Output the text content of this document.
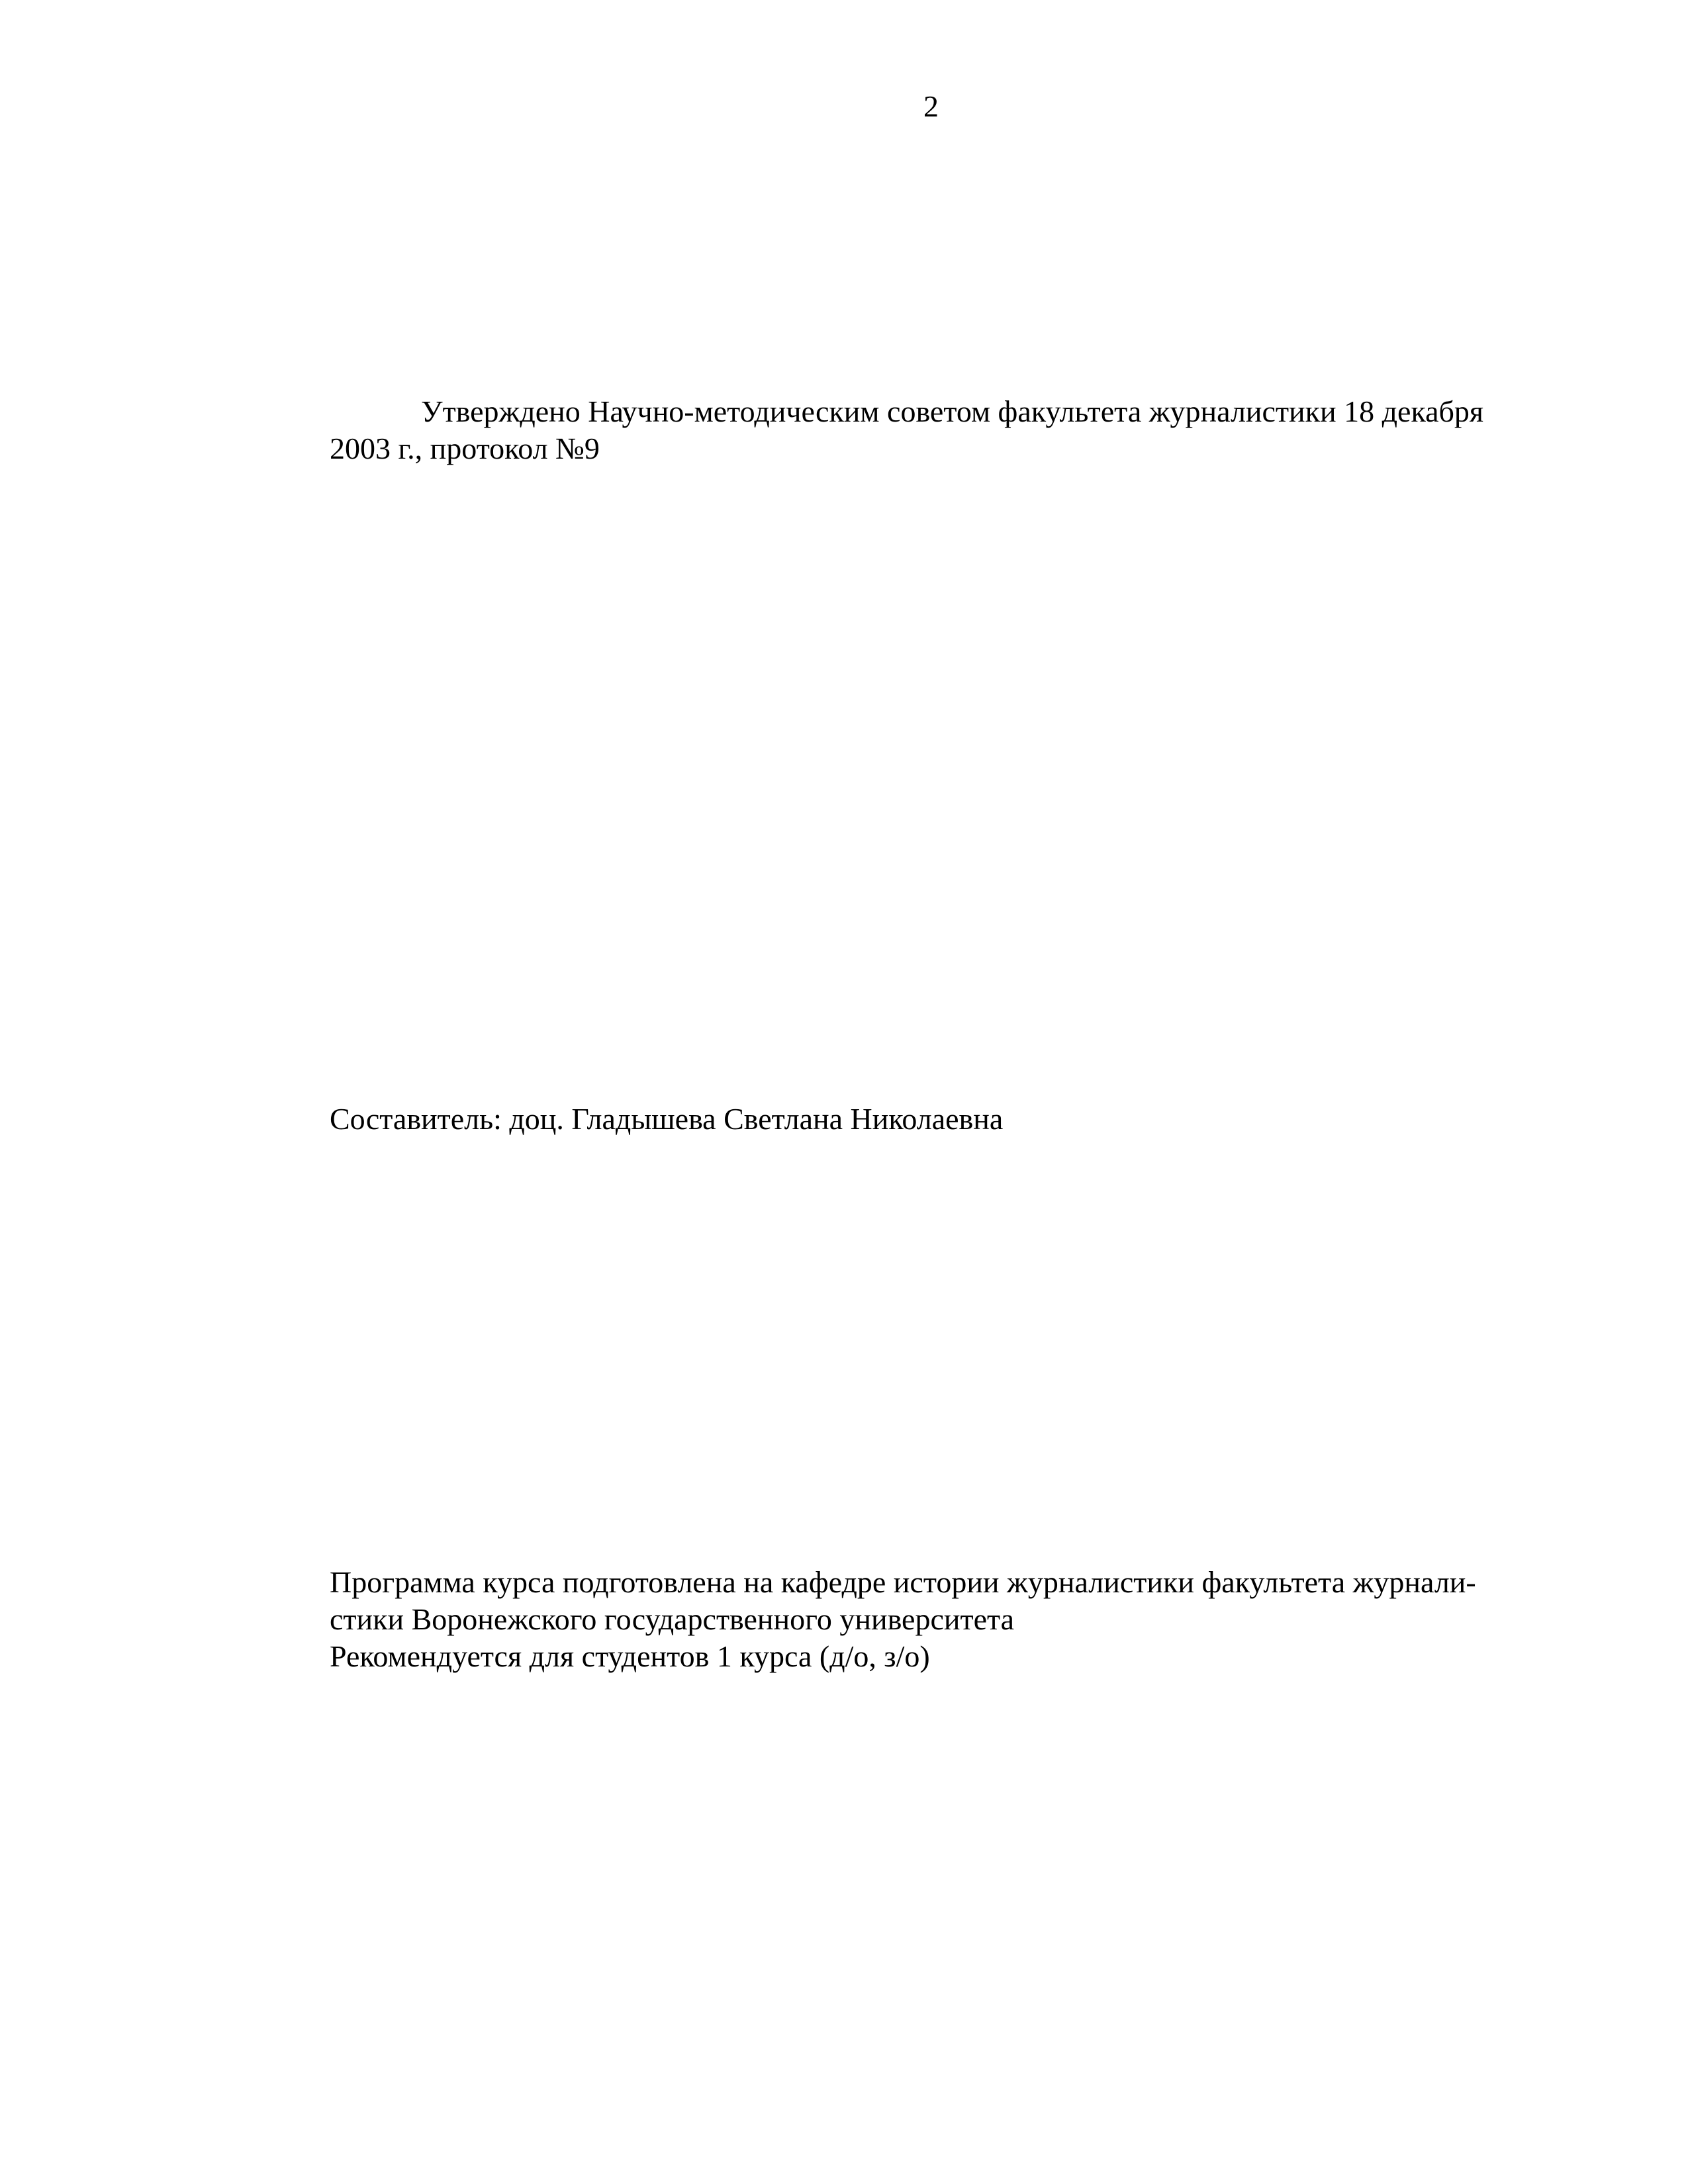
2
Утверждено Научно-методическим советом факультета журналистики 18 декабря
2003 г., протокол №9
Составитель: доц. Гладышева Светлана Николаевна
Программа курса подготовлена на кафедре истории журналистики факультета журнали-
стики Воронежского государственного университета
Рекомендуется для студентов 1 курса (д/о, з/о)
